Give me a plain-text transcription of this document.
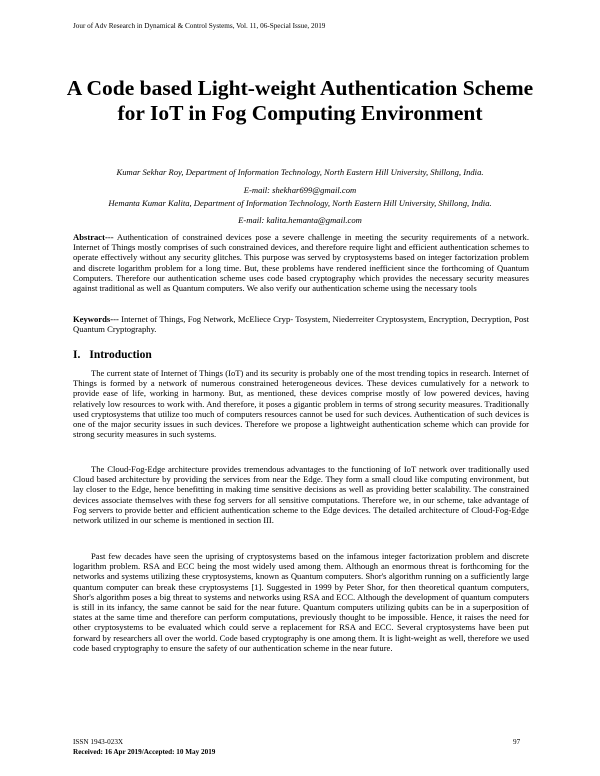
Jour of Adv Research in Dynamical & Control Systems, Vol. 11, 06-Special Issue, 2019
A Code based Light-weight Authentication Scheme for IoT in Fog Computing Environment

Kumar Sekhar Roy, Department of Information Technology, North Eastern Hill University, Shillong, India.

E-mail: shekhar699@gmail.com

Hemanta Kumar Kalita, Department of Information Technology, North Eastern Hill University, Shillong, India.

E-mail: kalita.hemanta@gmail.com

Abstract--- Authentication of constrained devices pose a severe challenge in meeting the security requirements of a network. Internet of Things mostly comprises of such constrained devices, and therefore require light and efficient authentication schemes to operate effectively without any security glitches. This purpose was served by cryptosystems based on integer factorization problem and discrete logarithm problem for a long time. But, these problems have rendered inefficient since the forthcoming of Quantum Computers. Therefore our authentication scheme uses code based cryptography which provides the necessary security measures against traditional as well as Quantum computers. We also verify our authentication scheme using the necessary tools

Keywords--- Internet of Things, Fog Network, McEliece Cryp- Tosystem, Niederreiter Cryptosystem, Encryption, Decryption, Post Quantum Cryptography.

I. Introduction

The current state of Internet of Things (IoT) and its security is probably one of the most trending topics in research. Internet of Things is formed by a network of numerous constrained heterogeneous devices. These devices cumulatively for a network to provide ease of life, working in harmony. But, as mentioned, these devices comprise mostly of low powered devices, having relatively low resources to work with. And therefore, it poses a gigantic problem in terms of strong security measures. Traditionally used cryptosystems that utilize too much of computers resources cannot be used for such devices. Authentication of such devices is one of the major security issues in such devices. Therefore we propose a lightweight authentication scheme which can provide for strong security measures in such systems.

The Cloud-Fog-Edge architecture provides tremendous advantages to the functioning of IoT network over traditionally used Cloud based architecture by providing the services from near the Edge. They form a small cloud like computing environment, but lay closer to the Edge, hence benefitting in making time sensitive decisions as well as providing better scalability. The constrained devices associate themselves with these fog servers for all sensitive computations. Therefore we, in our scheme, take advantage of Fog servers to provide better and efficient authentication scheme to the Edge devices. The detailed architecture of Cloud-Fog-Edge network utilized in our scheme is mentioned in section III.

Past few decades have seen the uprising of cryptosystems based on the infamous integer factorization problem and discrete logarithm problem. RSA and ECC being the most widely used among them. Although an enormous threat is forthcoming for the networks and systems utilizing these cryptosystems, known as Quantum computers. Shor's algorithm running on a sufficiently large quantum computer can break these cryptosystems [1]. Suggested in 1999 by Peter Shor, for then theoretical quantum computers, Shor's algorithm poses a big threat to systems and networks using RSA and ECC. Although the development of quantum computers is still in its infancy, the same cannot be said for the near future. Quantum computers utilizing qubits can be in a superposition of states at the same time and therefore can perform computations, previously thought to be impossible. Hence, it raises the need for other cryptosystems to be evaluated which could serve a replacement for RSA and ECC. Several cryptosystems have been put forward by researchers all over the world. Code based cryptography is one among them. It is light-weight as well, therefore we used code based cryptography to ensure the safety of our authentication scheme in the near future.

ISSN 1943-023X
Received: 16 Apr 2019/Accepted: 10 May 2019
97
